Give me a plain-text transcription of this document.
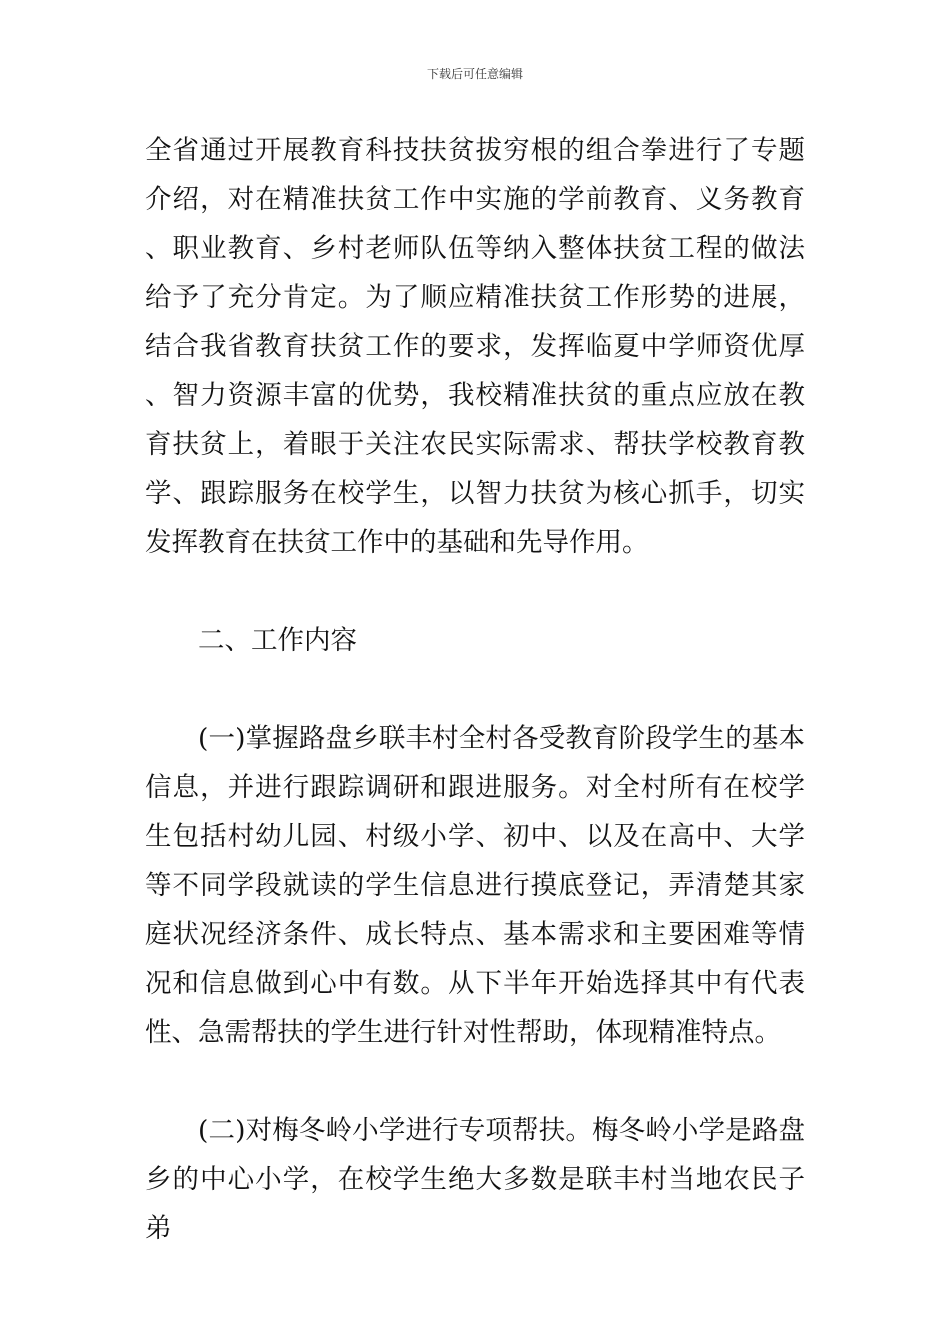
下载后可任意编辑

全省通过开展教育科技扶贫拔穷根的组合拳进行了专题介绍，对在精准扶贫工作中实施的学前教育、义务教育、职业教育、乡村老师队伍等纳入整体扶贫工程的做法给予了充分肯定。为了顺应精准扶贫工作形势的进展，结合我省教育扶贫工作的要求，发挥临夏中学师资优厚、智力资源丰富的优势，我校精准扶贫的重点应放在教育扶贫上，着眼于关注农民实际需求、帮扶学校教育教学、跟踪服务在校学生，以智力扶贫为核心抓手，切实发挥教育在扶贫工作中的基础和先导作用。

二、工作内容

(一)掌握路盘乡联丰村全村各受教育阶段学生的基本信息，并进行跟踪调研和跟进服务。对全村所有在校学生包括村幼儿园、村级小学、初中、以及在高中、大学等不同学段就读的学生信息进行摸底登记，弄清楚其家庭状况经济条件、成长特点、基本需求和主要困难等情况和信息做到心中有数。从下半年开始选择其中有代表性、急需帮扶的学生进行针对性帮助，体现精准特点。

(二)对梅冬岭小学进行专项帮扶。梅冬岭小学是路盘乡的中心小学，在校学生绝大多数是联丰村当地农民子弟
